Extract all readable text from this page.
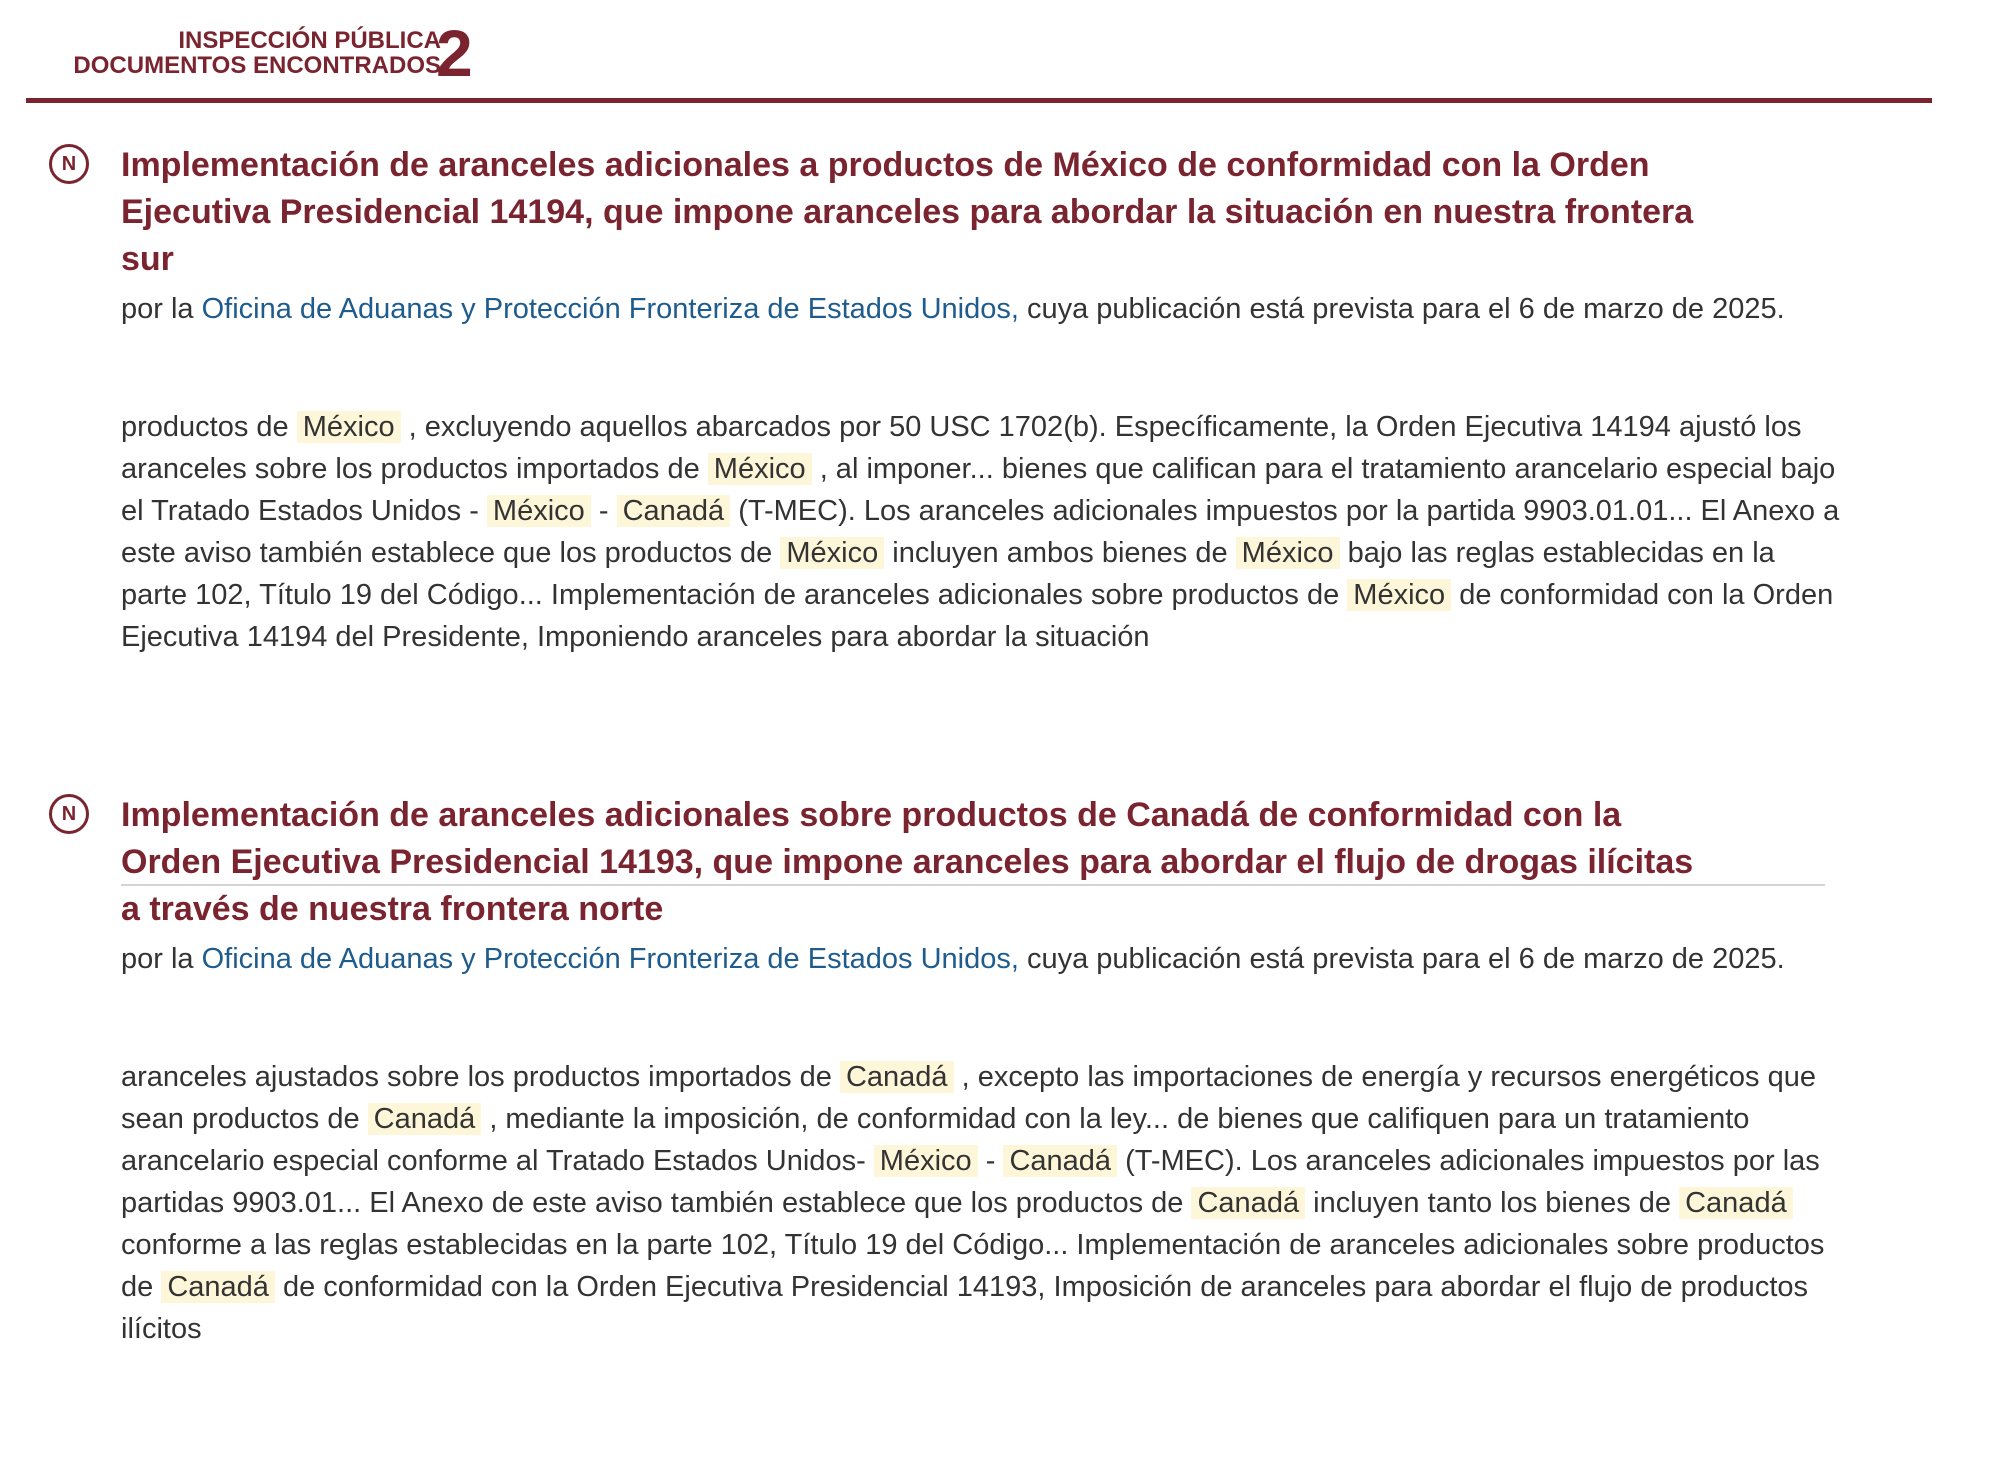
INSPECCIÓN PÚBLICA
DOCUMENTOS ENCONTRADOS
2
N	Implementación de aranceles adicionales a productos de México de conformidad con la Orden Ejecutiva Presidencial 14194, que impone aranceles para abordar la situación en nuestra frontera sur

por la Oficina de Aduanas y Protección Fronteriza de Estados Unidos, cuya publicación está prevista para el 6 de marzo de 2025.

productos de México , excluyendo aquellos abarcados por 50 USC 1702(b). Específicamente, la Orden Ejecutiva 14194 ajustó los aranceles sobre los productos importados de México , al imponer... bienes que califican para el tratamiento arancelario especial bajo el Tratado Estados Unidos - México - Canadá (T-MEC). Los aranceles adicionales impuestos por la partida 9903.01.01... El Anexo a este aviso también establece que los productos de México incluyen ambos bienes de México bajo las reglas establecidas en la parte 102, Título 19 del Código... Implementación de aranceles adicionales sobre productos de México de conformidad con la Orden Ejecutiva 14194 del Presidente, Imponiendo aranceles para abordar la situación

N	Implementación de aranceles adicionales sobre productos de Canadá de conformidad con la Orden Ejecutiva Presidencial 14193, que impone aranceles para abordar el flujo de drogas ilícitas a través de nuestra frontera norte

por la Oficina de Aduanas y Protección Fronteriza de Estados Unidos, cuya publicación está prevista para el 6 de marzo de 2025.

aranceles ajustados sobre los productos importados de Canadá , excepto las importaciones de energía y recursos energéticos que sean productos de Canadá , mediante la imposición, de conformidad con la ley... de bienes que califiquen para un tratamiento arancelario especial conforme al Tratado Estados Unidos- México - Canadá (T-MEC). Los aranceles adicionales impuestos por las partidas 9903.01... El Anexo de este aviso también establece que los productos de Canadá incluyen tanto los bienes de Canadá conforme a las reglas establecidas en la parte 102, Título 19 del Código... Implementación de aranceles adicionales sobre productos de Canadá de conformidad con la Orden Ejecutiva Presidencial 14193, Imposición de aranceles para abordar el flujo de productos ilícitos
